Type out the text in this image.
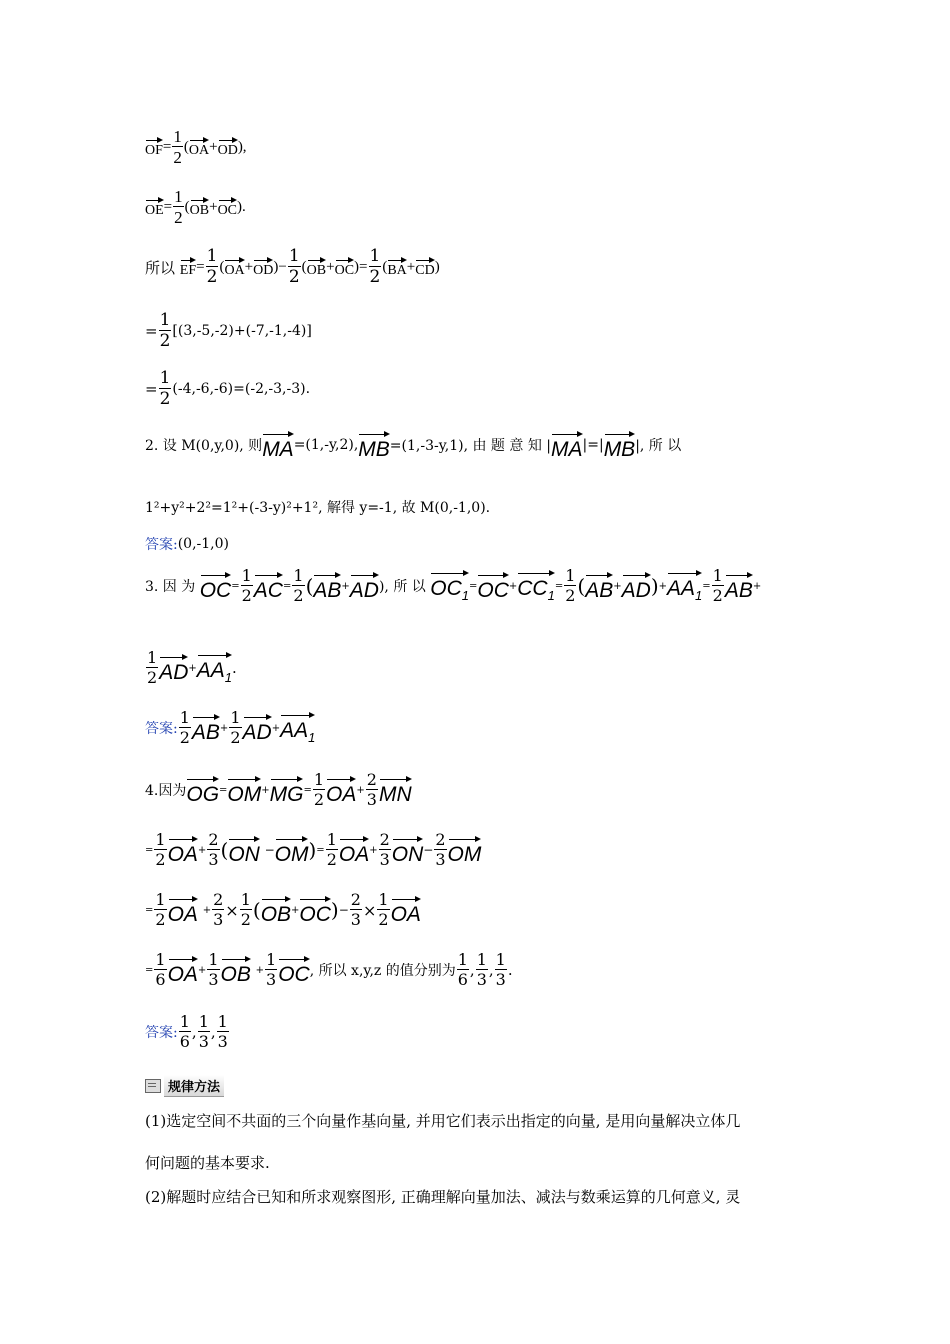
OF = $\frac{1}{2}$ ( OA + OD ),
OE = $\frac{1}{2}$ ( OB + OC ).
所以
EF = $\frac{1}{2}$ ( OA + OD ) − $\frac{1}{2}$ ( OB + OC ) = $\frac{1}{2}$ ( BA + CD )
= $\frac{1}{2} [(3,-5,-2)+(-7,-1,-4)]$
= $\frac{1}{2} (-4,-6,-6)=(-2,-3,-3)$.
2. 设 M(0,y,0), 则 MA =(1,-y,2), MB =(1,-3-y,1), 由 题 意 知 | MA |=| MB |, 所 以
1²+y²+2²=1²+(-3-y)²+1², 解得 y=-1, 故 M(0,-1,0).
答案: (0,-1,0)
3. 因 为
OC = $\frac{1}{2}$ AC = $\frac{1}{2}$ ( AB + AD ), 所 以
$OC_1$
= OC + $CC_1$
= $\frac{1}{2}$ ( AB + AD ) + $AA_1$
= $\frac{1}{2}$ AB +
$\frac{1}{2}$ AD + $AA_1$
.
答案: $\frac{1}{2}$ AB + $\frac{1}{2}$ AD + $AA_1$
4.因为 OG = OM + MG = $\frac{1}{2}$ OA + $\frac{2}{3}$ MN
= $\frac{1}{2}$ OA + $\frac{2}{3}$ ( ON
− OM ) = $\frac{1}{2}$ OA + $\frac{2}{3}$ ON − $\frac{2}{3}$ OM
= $\frac{1}{2}$ OA
+ $\frac{2}{3} \times \frac{1}{2}$ ( OB + OC ) − $\frac{2}{3} \times \frac{1}{2}$ OA
= $\frac{1}{6}$ OA + $\frac{1}{3}$ OB
+ $\frac{1}{3}$ OC , 所以 x,y,z 的值分别为 $\frac{1}{6}$ , $\frac{1}{3}$ , $\frac{1}{3}$ .
答案: $\frac{1}{6}$ , $\frac{1}{3}$ , $\frac{1}{3}$
规律方法
(1)选定空间不共面的三个向量作基向量, 并用它们表示出指定的向量, 是用向量解决立体几
何问题的基本要求.
(2)解题时应结合已知和所求观察图形, 正确理解向量加法、减法与数乘运算的几何意义, 灵
